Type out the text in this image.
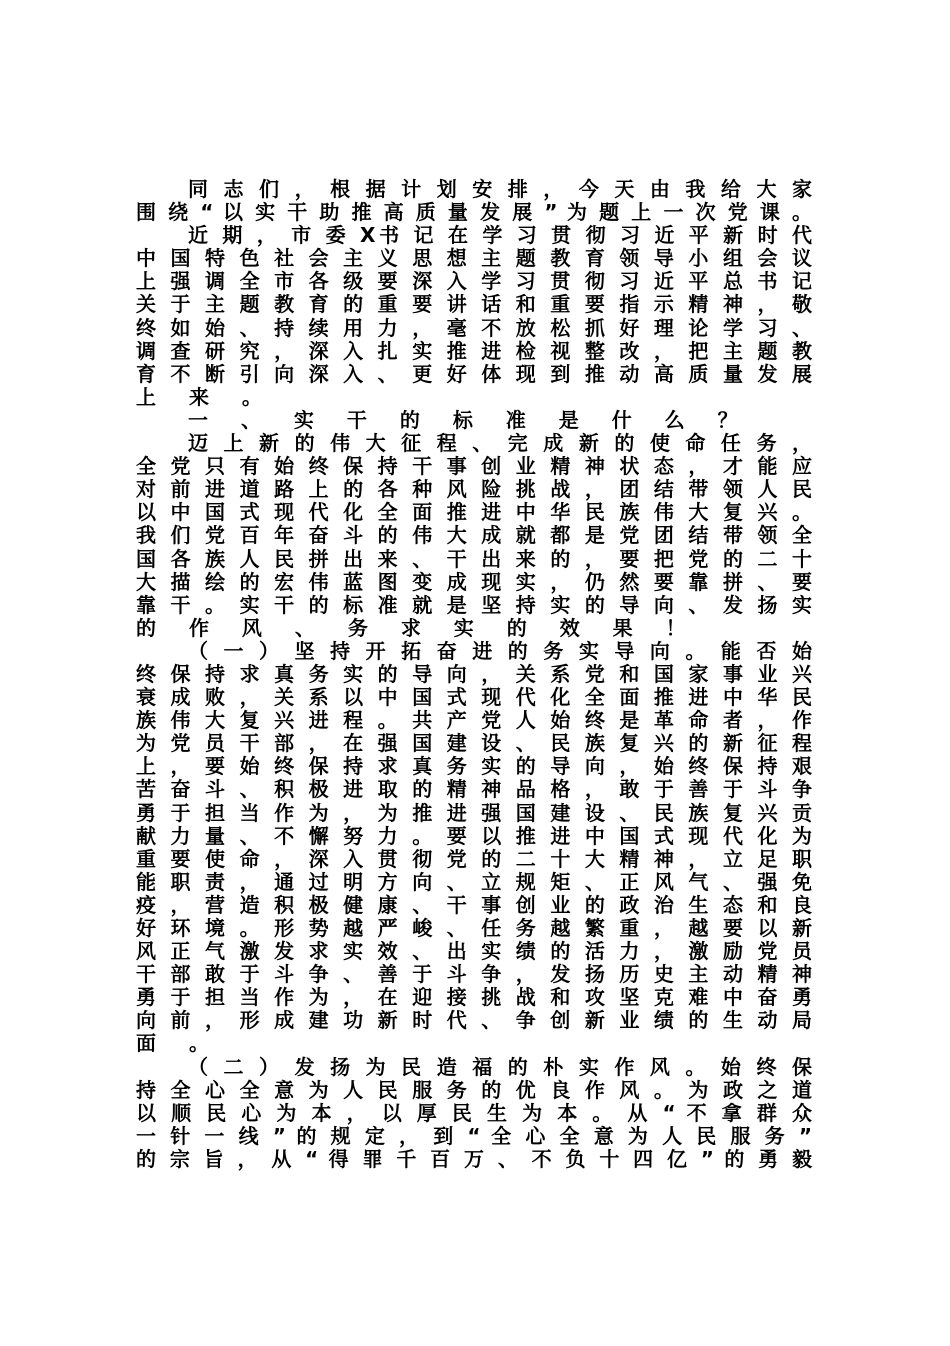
同 志 们 ， 根 据 计 划 安 排 ， 今 天 由 我 给 大 家
围 绕 “ 以 实 干 助 推 高 质 量 发 展 ” 为 题 上 一 次 党 课 。
近 期 ， 市 委 X书 记 在 学 习 贯 彻 习 近 平 新 时 代
中 国 特 色 社 会 主 义 思 想 主 题 教 育 领 导 小 组 会 议
上 强 调 全 市 各 级 要 深 入 学 习 贯 彻 习 近 平 总 书 记
关 于 主 题 教 育 的 重 要 讲 话 和 重 要 指 示 精 神 ， 敬
终 如 始 、 持 续 用 力 ， 毫 不 放 松 抓 好 理 论 学 习 、
调 查 研 究 ， 深 入 扎 实 推 进 检 视 整 改 ， 把 主 题 教
育 不 断 引 向 深 入 、 更 好 体 现 到 推 动 高 质 量 发 展
上 来 。
一 、 实 干 的 标 准 是 什 么 ？
迈 上 新 的 伟 大 征 程 、 完 成 新 的 使 命 任 务 ，
全 党 只 有 始 终 保 持 干 事 创 业 精 神 状 态 ， 才 能 应
对 前 进 道 路 上 的 各 种 风 险 挑 战 ， 团 结 带 领 人 民
以 中 国 式 现 代 化 全 面 推 进 中 华 民 族 伟 大 复 兴 。
我 们 党 百 年 奋 斗 的 伟 大 成 就 都 是 党 团 结 带 领 全
国 各 族 人 民 拼 出 来 、 干 出 来 的 ， 要 把 党 的 二 十
大 描 绘 的 宏 伟 蓝 图 变 成 现 实 ， 仍 然 要 靠 拼 、 要
靠 干 。 实 干 的 标 准 就 是 坚 持 实 的 导 向 、 发 扬 实
的 作 风 、 务 求 实 的 效 果 ！
（ 一 ） 坚 持 开 拓 奋 进 的 务 实 导 向 。 能 否 始
终 保 持 求 真 务 实 的 导 向 ， 关 系 党 和 国 家 事 业 兴
衰 成 败 ， 关 系 以 中 国 式 现 代 化 全 面 推 进 中 华 民
族 伟 大 复 兴 进 程 。 共 产 党 人 始 终 是 革 命 者 ， 作
为 党 员 干 部 ， 在 强 国 建 设 、 民 族 复 兴 的 新 征 程
上 ， 要 始 终 保 持 求 真 务 实 的 导 向 ， 始 终 保 持 艰
苦 奋 斗 、 积 极 进 取 的 精 神 品 格 ， 敢 于 善 于 斗 争
勇 于 担 当 作 为 ， 为 推 进 强 国 建 设 、 民 族 复 兴 贡
献 力 量 、 不 懈 努 力 。 要 以 推 进 中 国 式 现 代 化 为
重 要 使 命 ， 深 入 贯 彻 党 的 二 十 大 精 神 ， 立 足 职
能 职 责 ， 通 过 明 方 向 、 立 规 矩 、 正 风 气 、 强 免
疫 ， 营 造 积 极 健 康 、 干 事 创 业 的 政 治 生 态 和 良
好 环 境 。 形 势 越 严 峻 、 任 务 越 繁 重 ， 越 要 以 新
风 正 气 激 发 求 实 效 、 出 实 绩 的 活 力 ， 激 励 党 员
干 部 敢 于 斗 争 、 善 于 斗 争 ， 发 扬 历 史 主 动 精 神
勇 于 担 当 作 为 ， 在 迎 接 挑 战 和 攻 坚 克 难 中 奋 勇
向 前 ， 形 成 建 功 新 时 代 、 争 创 新 业 绩 的 生 动 局
面 。
（ 二 ） 发 扬 为 民 造 福 的 朴 实 作 风 。 始 终 保
持 全 心 全 意 为 人 民 服 务 的 优 良 作 风 。 为 政 之 道
以 顺 民 心 为 本 ， 以 厚 民 生 为 本 。 从 “ 不 拿 群 众
一 针 一 线 ” 的 规 定 ， 到 “ 全 心 全 意 为 人 民 服 务 ”
的 宗 旨 ， 从 “ 得 罪 千 百 万 、 不 负 十 四 亿 ” 的 勇 毅
